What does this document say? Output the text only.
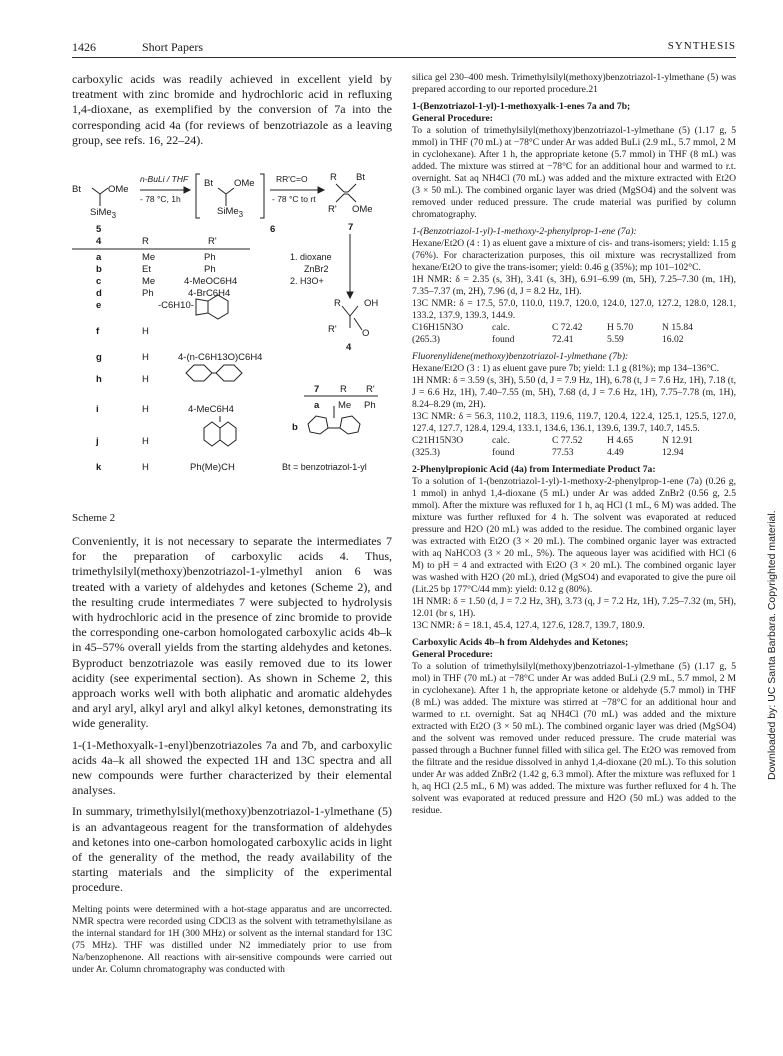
1426	Short Papers	SYNTHESIS

carboxylic acids was readily achieved in excellent yield by treatment with zinc bromide and hydrochloric acid in refluxing 1,4-dioxane, as exemplified by the conversion of 7a into the corresponding acid 4a (for reviews of benzotriazole as a leaving group, see refs. 16, 22–24).

Bt	OMe
SiMe$_3$
5
n-BuLi / THF
- 78 °C, 1h
Bt OMe
SiMe$_3$
6
RR'C=O
- 78 °C to rt
R Bt
R' OMe
7
1. dioxane
ZnBr2
2. H3O+
R OH
R'	O
4
4	R	R'
a	Me	Ph
b	Et	Ph
c	Me	4-MeOC6H4
d	Ph	4-BrC6H4
e	-C6H10-
f	H
g	H	4-(n-C6H13O)C6H4
h	H
i	H	4-MeC6H4
j	H
k	H	Ph(Me)CH
7 R R'
a Me Ph
b
Bt = benzotriazol-1-yl
Scheme 2

Conveniently, it is not necessary to separate the intermediates 7 for the preparation of carboxylic acids 4. Thus, trimethylsilyl(methoxy)benzotriazol-1-ylmethyl anion 6 was treated with a variety of aldehydes and ketones (Scheme 2), and the resulting crude intermediates 7 were subjected to hydrolysis with hydrochloric acid in the presence of zinc bromide to provide the corresponding one-carbon homologated carboxylic acids 4b–k in 45–57% overall yields from the starting aldehydes and ketones. Byproduct benzotriazole was easily removed due to its lower acidity (see experimental section). As shown in Scheme 2, this approach works well with both aliphatic and aromatic aldehydes and aryl aryl, alkyl aryl and alkyl alkyl ketones, demonstrating its wide generality.

1-(1-Methoxyalk-1-enyl)benzotriazoles 7a and 7b, and carboxylic acids 4a–k all showed the expected 1H and 13C spectra and all new compounds were further characterized by their elemental analyses.

In summary, trimethylsilyl(methoxy)benzotriazol-1-ylmethane (5) is an advantageous reagent for the transformation of aldehydes and ketones into one-carbon homologated carboxylic acids in light of the generality of the method, the ready availability of the starting materials and the simplicity of the experimental procedure.

Melting points were determined with a hot-stage apparatus and are uncorrected. NMR spectra were recorded using CDCl3 as the solvent with tetramethylsilane as the internal standard for 1H (300 MHz) or solvent as the internal standard for 13C (75 MHz). THF was distilled under N2 immediately prior to use from Na/benzophenone. All reactions with air-sensitive compounds were carried out under Ar. Column chromatography was conducted with

silica gel 230–400 mesh. Trimethylsilyl(methoxy)benzotriazol-1-ylmethane (5) was prepared according to our reported procedure.21

1-(Benzotriazol-1-yl)-1-methoxyalk-1-enes 7a and 7b;

General Procedure:

To a solution of trimethylsilyl(methoxy)benzotriazol-1-ylmethane (5) (1.17 g, 5 mmol) in THF (70 mL) at −78°C under Ar was added BuLi (2.9 mL, 5.7 mmol, 2 M in cyclohexane). After 1 h, the appropriate ketone (5.7 mmol) in THF (8 mL) was added. The mixture was stirred at −78°C for an additional hour and warmed to r.t. overnight. Sat aq NH4Cl (70 mL) was added and the mixture extracted with Et2O (3 × 50 mL). The combined organic layer was dried (MgSO4) and the solvent was removed under reduced pressure. The crude material was purified by column chromatography.

1-(Benzotriazol-1-yl)-1-methoxy-2-phenylprop-1-ene (7a):

Hexane/Et2O (4 : 1) as eluent gave a mixture of cis- and trans-isomers; yield: 1.15 g (76%). For characterization purposes, this oil mixture was recrystallized from hexane/Et2O to give the trans-isomer; yield: 0.46 g (35%); mp 101–102°C.

1H NMR: δ = 2.35 (s, 3H), 3.41 (s, 3H), 6.91–6.99 (m, 5H), 7.25–7.30 (m, 1H), 7.35–7.37 (m, 2H), 7.96 (d, J = 8.2 Hz, 1H).

13C NMR: δ = 17.5, 57.0, 110.0, 119.7, 120.0, 124.0, 127.0, 127.2, 128.0, 128.1, 133.2, 137.9, 139.3, 144.9.

C16H15N3O	calc.	C 72.42	H 5.70	N 15.84
(265.3)	found	72.41	5.59	16.02

Fluorenylidene(methoxy)benzotriazol-1-ylmethane (7b):

Hexane/Et2O (3 : 1) as eluent gave pure 7b; yield: 1.1 g (81%); mp 134–136°C.

1H NMR: δ = 3.59 (s, 3H), 5.50 (d, J = 7.9 Hz, 1H), 6.78 (t, J = 7.6 Hz, 1H), 7.18 (t, J = 6.6 Hz, 1H), 7.40–7.55 (m, 5H), 7.68 (d, J = 7.6 Hz, 1H), 7.75–7.78 (m, 1H), 8.24–8.29 (m, 2H).

13C NMR: δ = 56.3, 110.2, 118.3, 119.6, 119.7, 120.4, 122.4, 125.1, 125.5, 127.0, 127.4, 127.7, 128.4, 129.4, 133.1, 134.6, 136.1, 139.6, 139.7, 140.7, 145.5.

C21H15N3O	calc.	C 77.52	H 4.65	N 12.91
(325.3)	found	77.53	4.49	12.94

2-Phenylpropionic Acid (4a) from Intermediate Product 7a:

To a solution of 1-(benzotriazol-1-yl)-1-methoxy-2-phenylprop-1-ene (7a) (0.26 g, 1 mmol) in anhyd 1,4-dioxane (5 mL) under Ar was added ZnBr2 (0.56 g, 2.5 mmol). After the mixture was refluxed for 1 h, aq HCl (1 mL, 6 M) was added. The mixture was further refluxed for 4 h. The solvent was evaporated at reduced pressure and H2O (20 mL) was added to the residue. The combined organic layer was extracted with Et2O (3 × 20 mL). The combined organic layer was extracted with aq NaHCO3 (3 × 20 mL, 5%). The aqueous layer was acidified with HCl (6 M) to pH = 4 and extracted with Et2O (3 × 20 mL). The combined organic layer was washed with H2O (20 mL), dried (MgSO4) and evaporated to give the pure oil (Lit.25 bp 177°C/44 mm): yield: 0.12 g (80%).

1H NMR: δ = 1.50 (d, J = 7.2 Hz, 3H), 3.73 (q, J = 7.2 Hz, 1H), 7.25–7.32 (m, 5H), 12.01 (br s, 1H).

13C NMR: δ = 18.1, 45.4, 127.4, 127.6, 128.7, 139.7, 180.9.

Carboxylic Acids 4b–h from Aldehydes and Ketones;

General Procedure:

To a solution of trimethylsilyl(methoxy)benzotriazol-1-ylmethane (5) (1.17 g, 5 mol) in THF (70 mL) at −78°C under Ar was added BuLi (2.9 mL, 5.7 mmol, 2 M in cyclohexane). After 1 h, the appropriate ketone or aldehyde (5.7 mmol) in THF (8 mL) was added. The mixture was stirred at −78°C for an additional hour and warmed to r.t. overnight. Sat aq NH4Cl (70 mL) was added and the mixture extracted with Et2O (3 × 50 mL). The combined organic layer was dried (MgSO4) and the solvent was removed under reduced pressure. The crude material was passed through a Buchner funnel filled with silica gel. The Et2O was removed from the filtrate and the residue dissolved in anhyd 1,4-dioxane (20 mL). To this solution under Ar was added ZnBr2 (1.42 g, 6.3 mmol). After the mixture was refluxed for 1 h, aq HCl (2.5 mL, 6 M) was added. The mixture was further refluxed for 4 h. The solvent was evaporated at reduced pressure and H2O (50 mL) was added to the residue.

Downloaded by: UC Santa Barbara. Copyrighted material.
